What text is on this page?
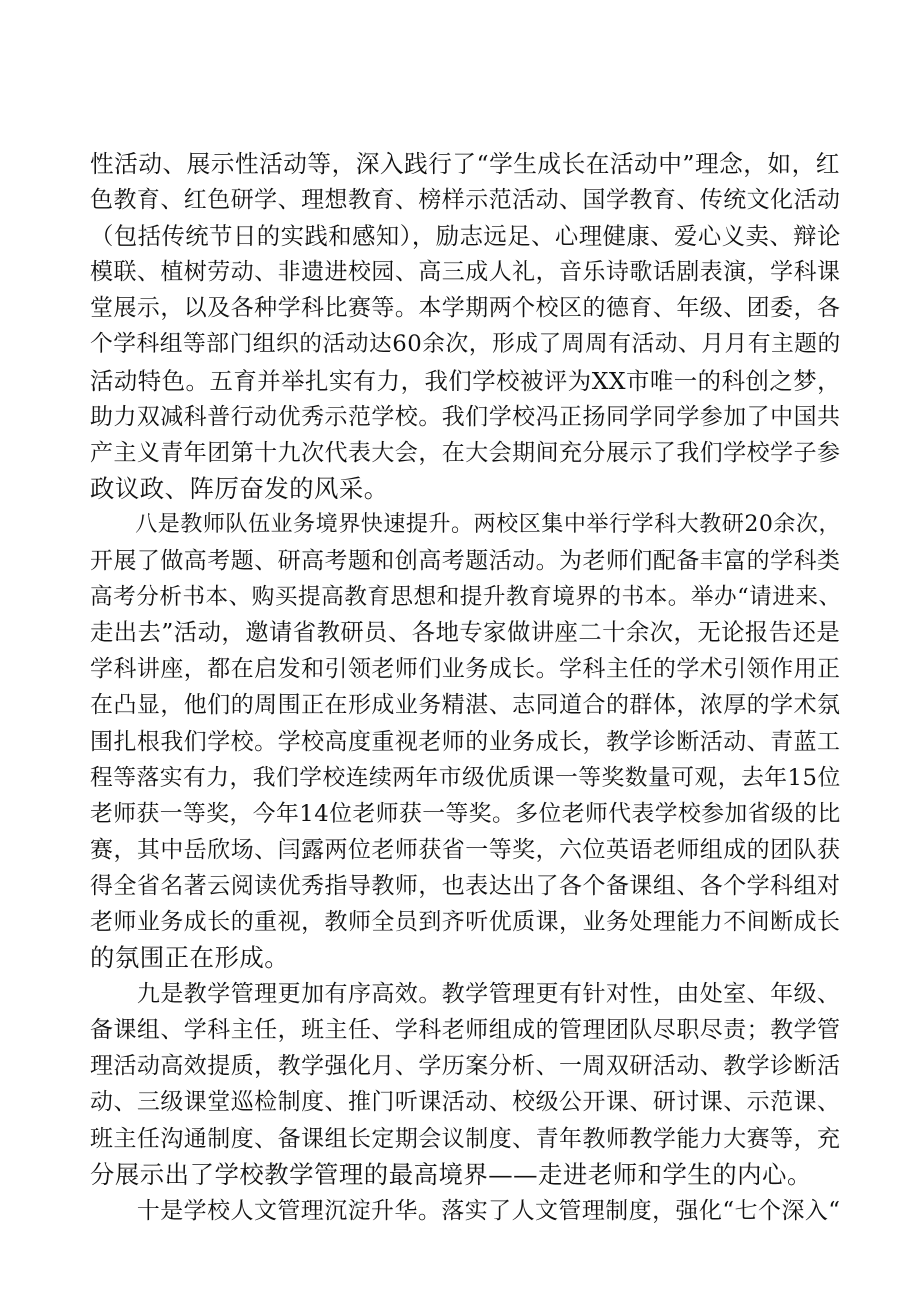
性活动、展示性活动等，深入践行了“学生成长在活动中”理念，如，红
色教育、红色研学、理想教育、榜样示范活动、国学教育、传统文化活动
（包括传统节日的实践和感知），励志远足、心理健康、爱心义卖、辩论
模联、植树劳动、非遗进校园、高三成人礼，音乐诗歌话剧表演，学科课
堂展示，以及各种学科比赛等。本学期两个校区的德育、年级、团委，各
个学科组等部门组织的活动达60余次，形成了周周有活动、月月有主题的
活动特色。五育并举扎实有力，我们学校被评为XX市唯一的科创之梦，
助力双减科普行动优秀示范学校。我们学校冯正扬同学同学参加了中国共
产主义青年团第十九次代表大会，在大会期间充分展示了我们学校学子参
政议政、阵厉奋发的风采。
　　八是教师队伍业务境界快速提升。两校区集中举行学科大教研20余次，
开展了做高考题、研高考题和创高考题活动。为老师们配备丰富的学科类
高考分析书本、购买提高教育思想和提升教育境界的书本。举办“请进来、
走出去”活动，邀请省教研员、各地专家做讲座二十余次，无论报告还是
学科讲座，都在启发和引领老师们业务成长。学科主任的学术引领作用正
在凸显，他们的周围正在形成业务精湛、志同道合的群体，浓厚的学术氛
围扎根我们学校。学校高度重视老师的业务成长，教学诊断活动、青蓝工
程等落实有力，我们学校连续两年市级优质课一等奖数量可观，去年15位
老师获一等奖，今年14位老师获一等奖。多位老师代表学校参加省级的比
赛，其中岳欣场、闫露两位老师获省一等奖，六位英语老师组成的团队获
得全省名著云阅读优秀指导教师，也表达出了各个备课组、各个学科组对
老师业务成长的重视，教师全员到齐听优质课，业务处理能力不间断成长
的氛围正在形成。
　　九是教学管理更加有序高效。教学管理更有针对性，由处室、年级、
备课组、学科主任，班主任、学科老师组成的管理团队尽职尽责；教学管
理活动高效提质，教学强化月、学历案分析、一周双研活动、教学诊断活
动、三级课堂巡检制度、推门听课活动、校级公开课、研讨课、示范课、
班主任沟通制度、备课组长定期会议制度、青年教师教学能力大赛等，充
分展示出了学校教学管理的最高境界——走进老师和学生的内心。
　　十是学校人文管理沉淀升华。落实了人文管理制度，强化“七个深入“
